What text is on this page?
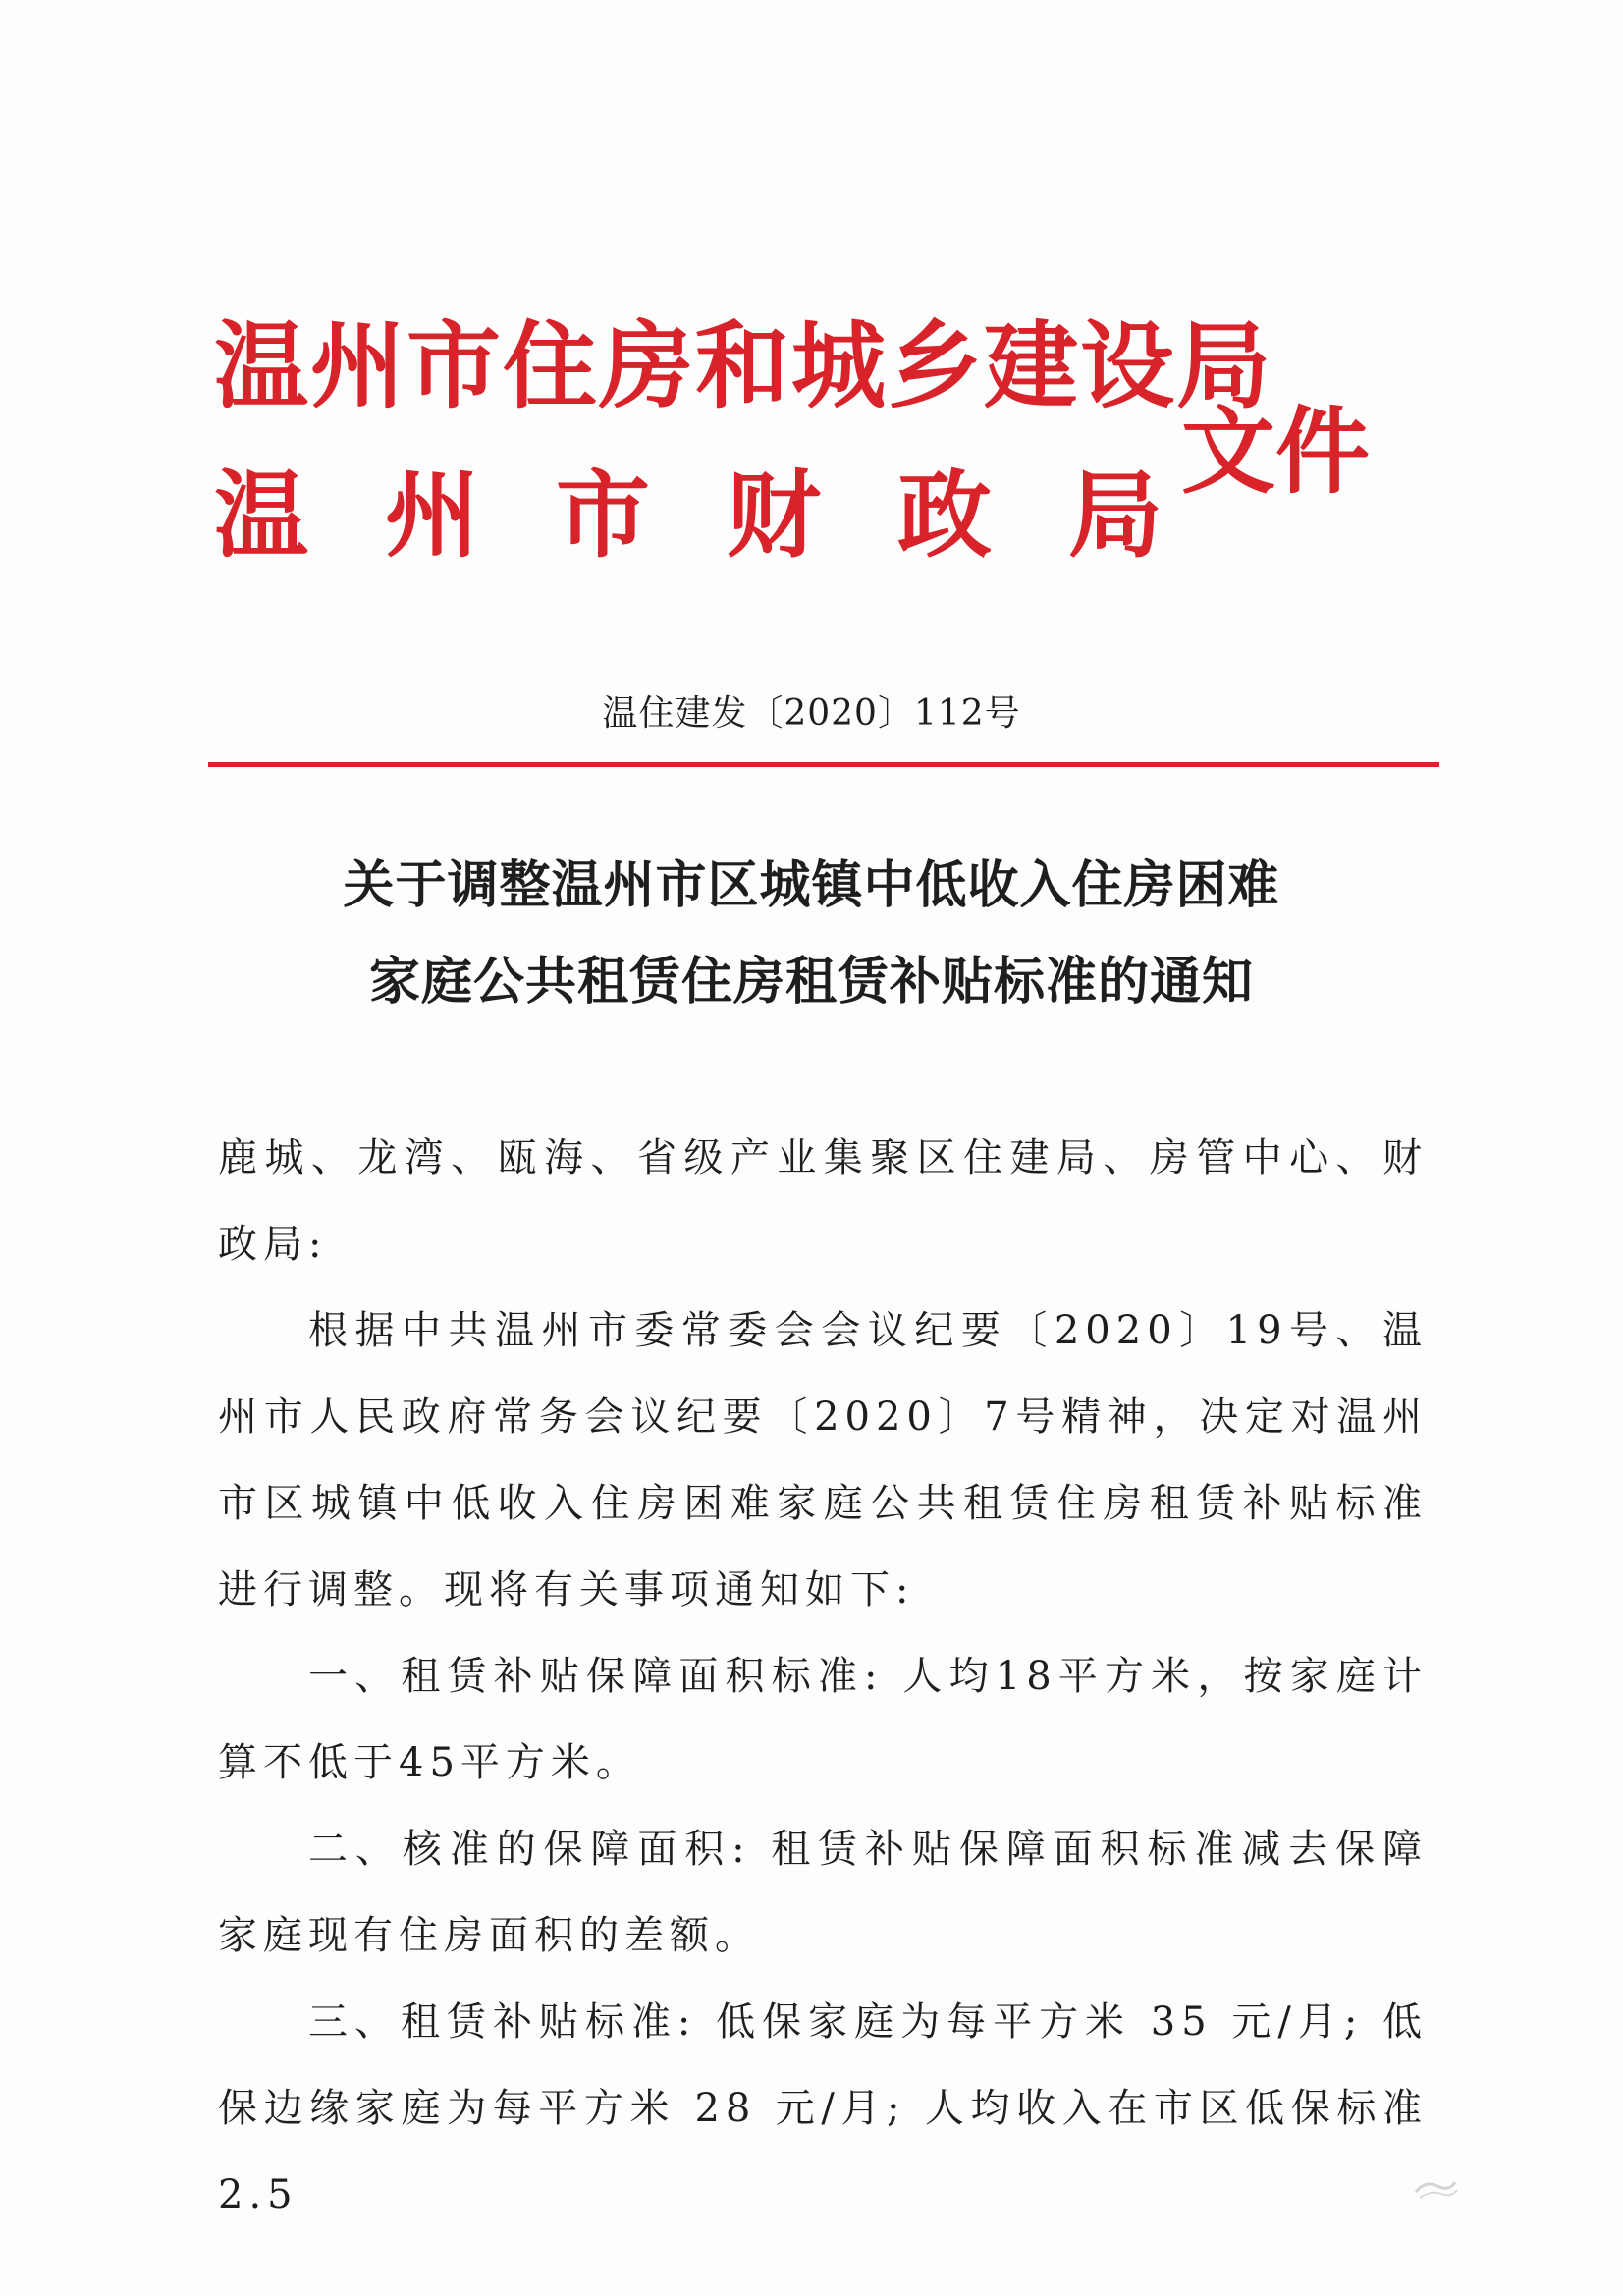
温州市住房和城乡建设局
温州市财政局
文件
温住建发〔2020〕112号
关于调整温州市区城镇中低收入住房困难
家庭公共租赁住房租赁补贴标准的通知

鹿城、龙湾、瓯海、省级产业集聚区住建局、房管中心、财政局:

根据中共温州市委常委会会议纪要〔2020〕19号、温州市人民政府常务会议纪要〔2020〕7号精神，决定对温州市区城镇中低收入住房困难家庭公共租赁住房租赁补贴标准进行调整。现将有关事项通知如下:

一、租赁补贴保障面积标准: 人均18平方米，按家庭计算不低于45平方米。

二、核准的保障面积: 租赁补贴保障面积标准减去保障家庭现有住房面积的差额。

三、租赁补贴标准: 低保家庭为每平方米 35 元/月; 低保边缘家庭为每平方米 28 元/月; 人均收入在市区低保标准 2.5
